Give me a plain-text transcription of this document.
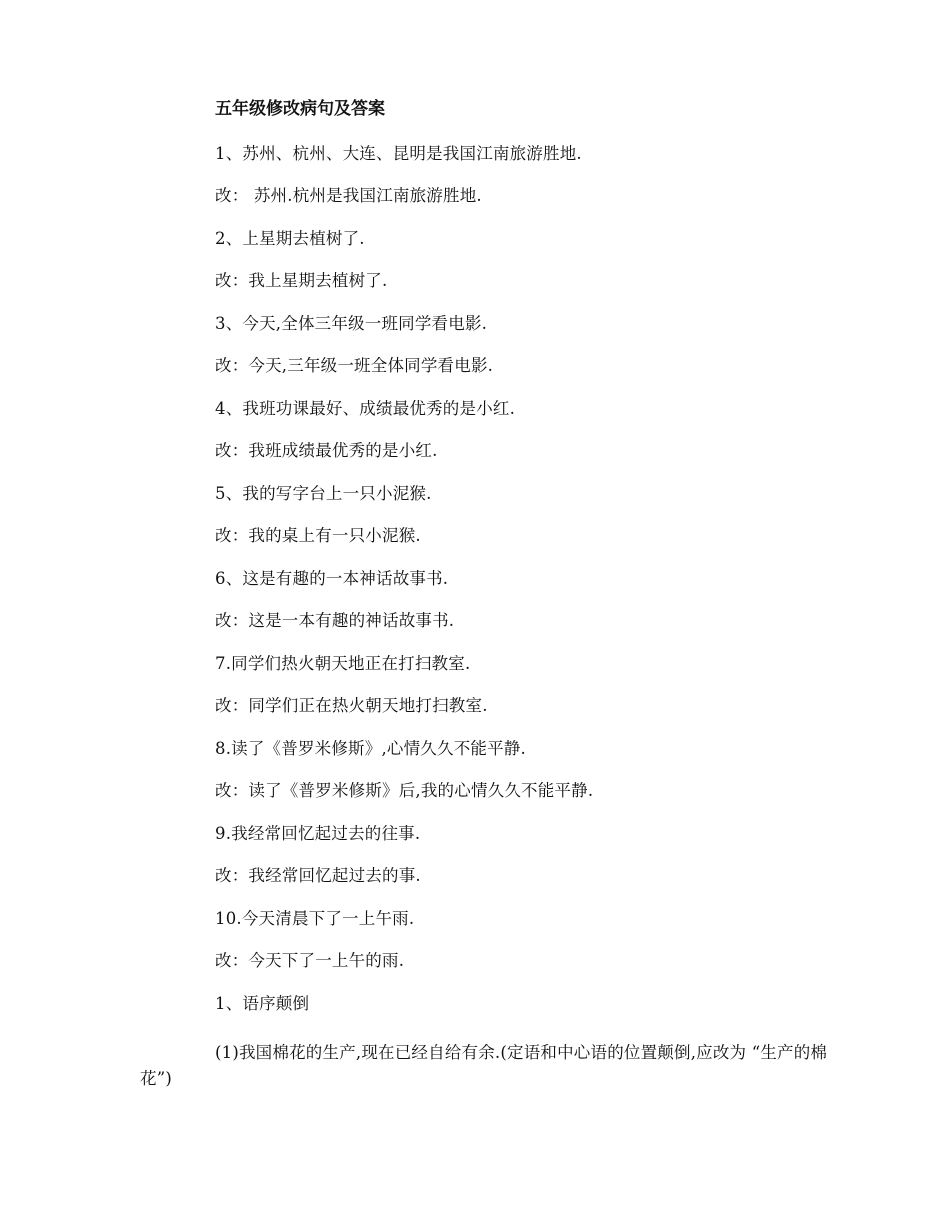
五年级修改病句及答案
1、苏州、杭州、大连、昆明是我国江南旅游胜地.
改： 苏州.杭州是我国江南旅游胜地.
2、上星期去植树了.
改：我上星期去植树了.
3、今天,全体三年级一班同学看电影.
改：今天,三年级一班全体同学看电影.
4、我班功课最好、成绩最优秀的是小红.
改：我班成绩最优秀的是小红.
5、我的写字台上一只小泥猴.
改：我的桌上有一只小泥猴.
6、这是有趣的一本神话故事书.
改：这是一本有趣的神话故事书.
7.同学们热火朝天地正在打扫教室.
改：同学们正在热火朝天地打扫教室.
8.读了《普罗米修斯》,心情久久不能平静.
改：读了《普罗米修斯》后,我的心情久久不能平静.
9.我经常回忆起过去的往事.
改：我经常回忆起过去的事.
10.今天清晨下了一上午雨.
改：今天下了一上午的雨.
1、语序颠倒
(1)我国棉花的生产,现在已经自给有余.(定语和中心语的位置颠倒,应改为 “生产的棉花”)
